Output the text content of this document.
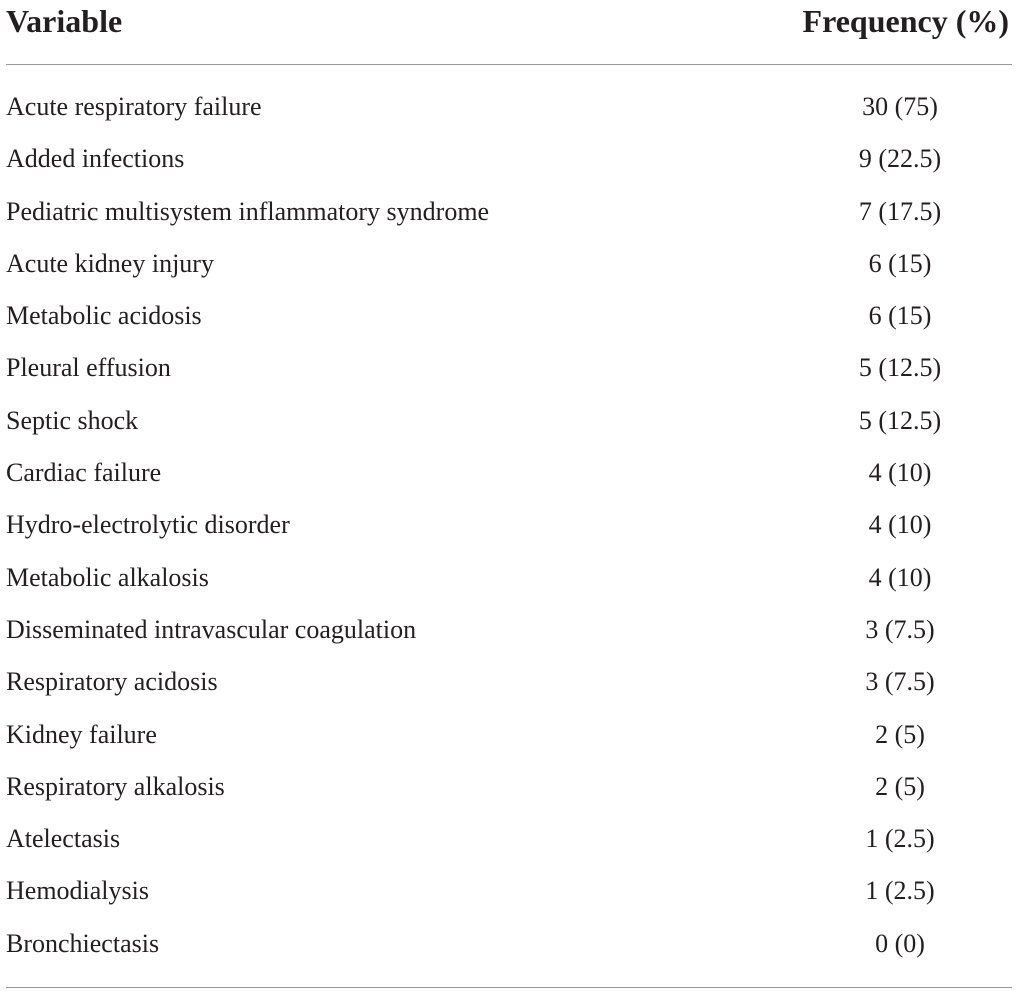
Variable	Frequency (%)
Acute respiratory failure	30 (75)
Added infections	9 (22.5)
Pediatric multisystem inflammatory syndrome	7 (17.5)
Acute kidney injury	6 (15)
Metabolic acidosis	6 (15)
Pleural effusion	5 (12.5)
Septic shock	5 (12.5)
Cardiac failure	4 (10)
Hydro-electrolytic disorder	4 (10)
Metabolic alkalosis	4 (10)
Disseminated intravascular coagulation	3 (7.5)
Respiratory acidosis	3 (7.5)
Kidney failure	2 (5)
Respiratory alkalosis	2 (5)
Atelectasis	1 (2.5)
Hemodialysis	1 (2.5)
Bronchiectasis	0 (0)
